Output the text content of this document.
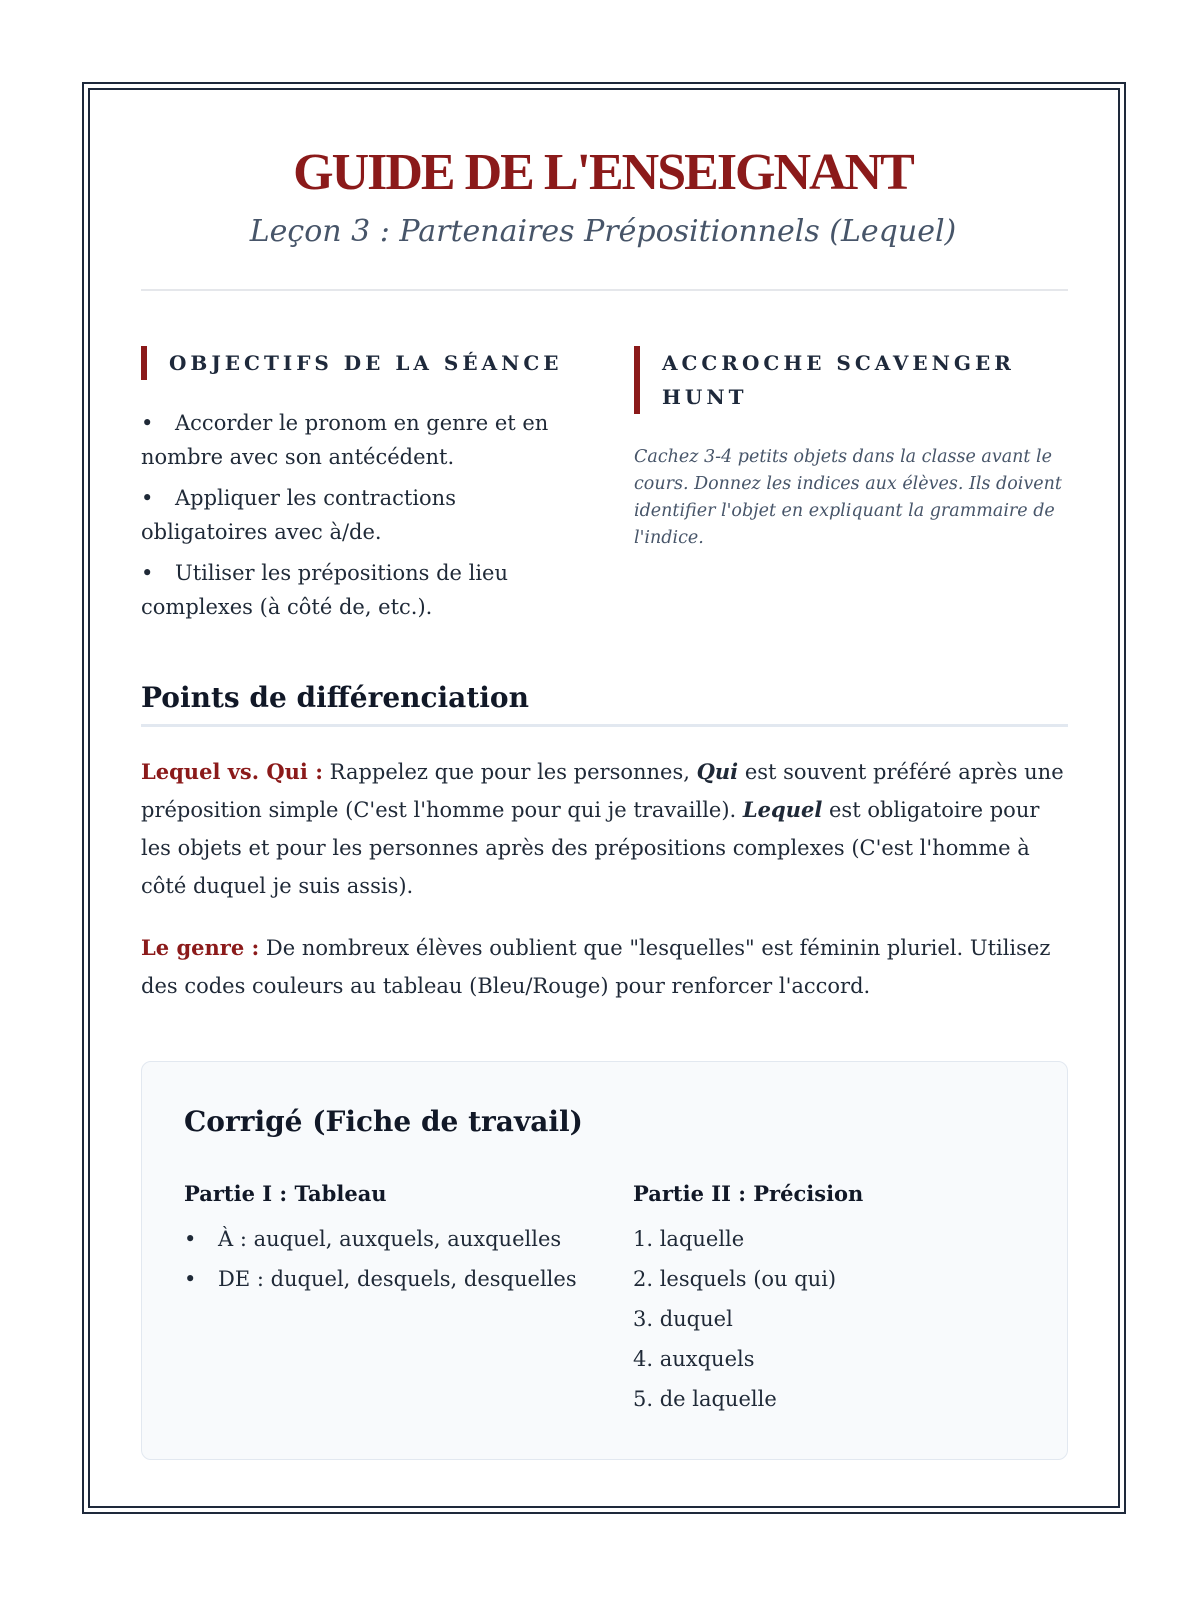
GUIDE DE L'ENSEIGNANT
Leçon 3 : Partenaires Prépositionnels (Lequel)
OBJECTIFS DE LA SÉANCE
• Accorder le pronom en genre et en nombre avec son antécédent.
• Appliquer les contractions obligatoires avec à/de.
• Utiliser les prépositions de lieu complexes (à côté de, etc.).
ACCROCHE SCAVENGER HUNT
Cachez 3-4 petits objets dans la classe avant le cours. Donnez les indices aux élèves. Ils doivent identifier l'objet en expliquant la grammaire de l'indice.
Points de différenciation

Lequel vs. Qui : Rappelez que pour les personnes, Qui est souvent préféré après une préposition simple (C'est l'homme pour qui je travaille). Lequel est obligatoire pour les objets et pour les personnes après des prépositions complexes (C'est l'homme à côté duquel je suis assis).

Le genre : De nombreux élèves oublient que "lesquelles" est féminin pluriel. Utilisez des codes couleurs au tableau (Bleu/Rouge) pour renforcer l'accord.

Corrigé (Fiche de travail)
Partie I : Tableau
• À : auquel, auxquels, auxquelles
• DE : duquel, desquels, desquelles
Partie II : Précision
1. laquelle
2. lesquels (ou qui)
3. duquel
4. auxquels
5. de laquelle
